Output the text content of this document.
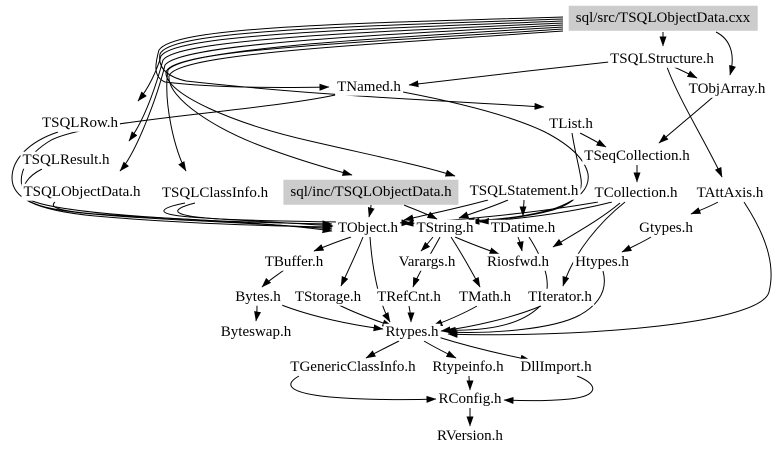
sql/src/TSQLObjectData.cxx
TSQLStructure.h
TObjArray.h
TNamed.h
TSQLRow.h	TList.h
TSQLResult.h	TSeqCollection.h
TSQLObjectData.h TSQLClassInfo.h	sql/inc/TSQLObjectData.h	TSQLStatement.h TCollection.h TAttAxis.h
TObject.h TString.h TDatime.h	Gtypes.h
TBuffer.h	Varargs.h Riosfwd.h Htypes.h
Bytes.h TStorage.h TRefCnt.h TMath.h TIterator.h
Byteswap.h	Rtypes.h
TGenericClassInfo.h Rtypeinfo.h DllImport.h
RConfig.h
RVersion.h
